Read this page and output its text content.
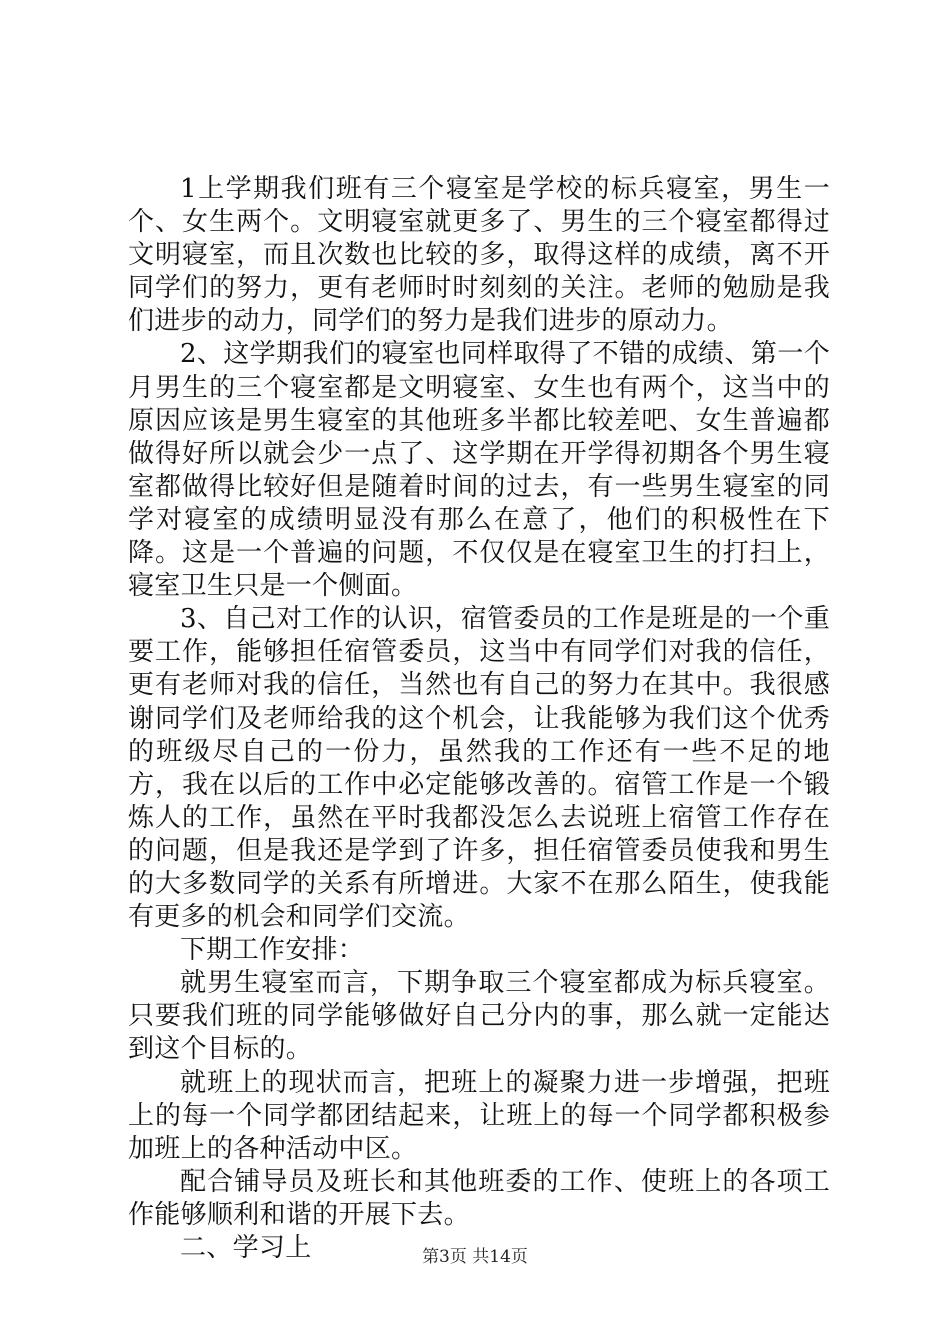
1上学期我们班有三个寝室是学校的标兵寝室，男生一个、女生两个。文明寝室就更多了、男生的三个寝室都得过文明寝室，而且次数也比较的多，取得这样的成绩，离不开同学们的努力，更有老师时时刻刻的关注。老师的勉励是我们进步的动力，同学们的努力是我们进步的原动力。

2、这学期我们的寝室也同样取得了不错的成绩、第一个月男生的三个寝室都是文明寝室、女生也有两个，这当中的原因应该是男生寝室的其他班多半都比较差吧、女生普遍都做得好所以就会少一点了、这学期在开学得初期各个男生寝室都做得比较好但是随着时间的过去，有一些男生寝室的同学对寝室的成绩明显没有那么在意了，他们的积极性在下降。这是一个普遍的问题，不仅仅是在寝室卫生的打扫上，寝室卫生只是一个侧面。

3、自己对工作的认识，宿管委员的工作是班是的一个重要工作，能够担任宿管委员，这当中有同学们对我的信任，更有老师对我的信任，当然也有自己的努力在其中。我很感谢同学们及老师给我的这个机会，让我能够为我们这个优秀的班级尽自己的一份力，虽然我的工作还有一些不足的地方，我在以后的工作中必定能够改善的。宿管工作是一个锻炼人的工作，虽然在平时我都没怎么去说班上宿管工作存在的问题，但是我还是学到了许多，担任宿管委员使我和男生的大多数同学的关系有所增进。大家不在那么陌生，使我能有更多的机会和同学们交流。

下期工作安排：

就男生寝室而言，下期争取三个寝室都成为标兵寝室。只要我们班的同学能够做好自己分内的事，那么就一定能达到这个目标的。

就班上的现状而言，把班上的凝聚力进一步增强，把班上的每一个同学都团结起来，让班上的每一个同学都积极参加班上的各种活动中区。

配合铺导员及班长和其他班委的工作、使班上的各项工作能够顺利和谐的开展下去。

二、学习上	第3页 共14页
